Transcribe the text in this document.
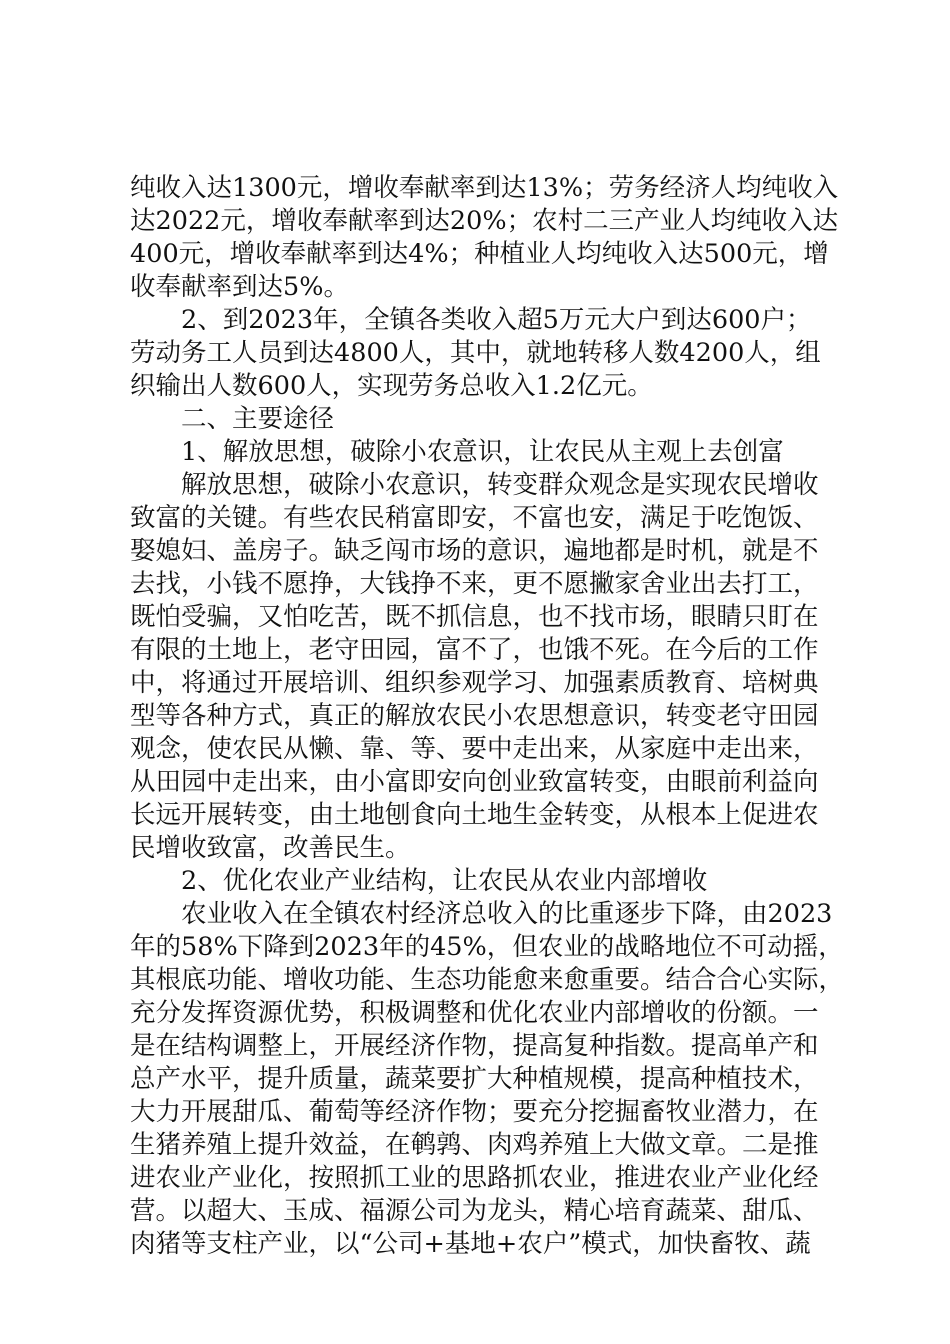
纯收入达1300元，增收奉献率到达13%；劳务经济人均纯收入
达2022元，增收奉献率到达20%；农村二三产业人均纯收入达
400元，增收奉献率到达4%；种植业人均纯收入达500元，增
收奉献率到达5%。
2、到2023年，全镇各类收入超5万元大户到达600户；
劳动务工人员到达4800人，其中，就地转移人数4200人，组
织输出人数600人，实现劳务总收入1.2亿元。
二、主要途径
1、解放思想，破除小农意识，让农民从主观上去创富
解放思想，破除小农意识，转变群众观念是实现农民增收
致富的关键。有些农民稍富即安，不富也安，满足于吃饱饭、
娶媳妇、盖房子。缺乏闯市场的意识，遍地都是时机，就是不
去找，小钱不愿挣，大钱挣不来，更不愿撇家舍业出去打工，
既怕受骗，又怕吃苦，既不抓信息，也不找市场，眼睛只盯在
有限的土地上，老守田园，富不了，也饿不死。在今后的工作
中，将通过开展培训、组织参观学习、加强素质教育、培树典
型等各种方式，真正的解放农民小农思想意识，转变老守田园
观念，使农民从懒、靠、等、要中走出来，从家庭中走出来，
从田园中走出来，由小富即安向创业致富转变，由眼前利益向
长远开展转变，由土地刨食向土地生金转变，从根本上促进农
民增收致富，改善民生。
2、优化农业产业结构，让农民从农业内部增收
农业收入在全镇农村经济总收入的比重逐步下降，由2023
年的58%下降到2023年的45%，但农业的战略地位不可动摇，
其根底功能、增收功能、生态功能愈来愈重要。结合合心实际，
充分发挥资源优势，积极调整和优化农业内部增收的份额。一
是在结构调整上，开展经济作物，提高复种指数。提高单产和
总产水平，提升质量，蔬菜要扩大种植规模，提高种植技术，
大力开展甜瓜、葡萄等经济作物；要充分挖掘畜牧业潜力，在
生猪养殖上提升效益，在鹌鹑、肉鸡养殖上大做文章。二是推
进农业产业化，按照抓工业的思路抓农业，推进农业产业化经
营。以超大、玉成、福源公司为龙头，精心培育蔬菜、甜瓜、
肉猪等支柱产业，以“公司+基地+农户”模式，加快畜牧、蔬
